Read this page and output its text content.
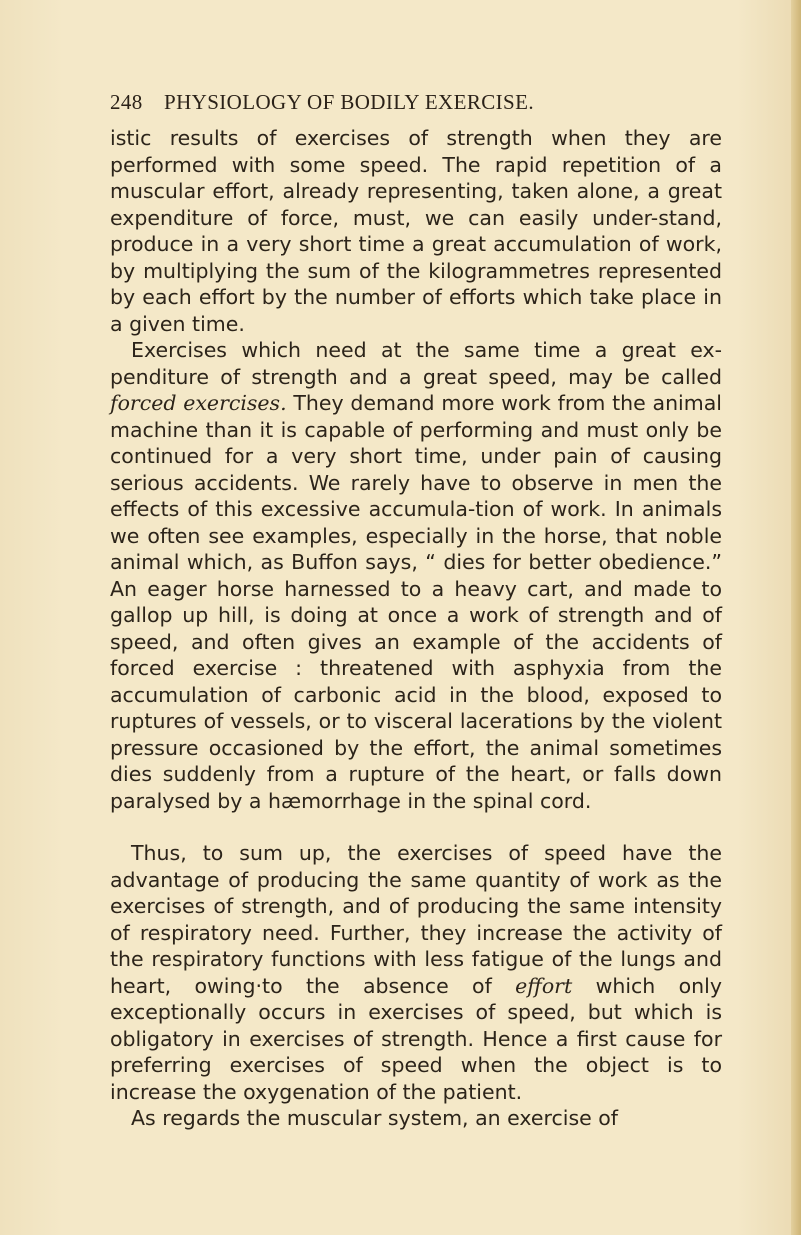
248 PHYSIOLOGY OF BODILY EXERCISE.

istic results of exercises of strength when they are performed with some speed. The rapid repetition of a muscular effort, already representing, taken alone, a great expenditure of force, must, we can easily under-stand, produce in a very short time a great accumulation of work, by multiplying the sum of the kilogrammetres represented by each effort by the number of efforts which take place in a given time.

Exercises which need at the same time a great ex-penditure of strength and a great speed, may be called forced exercises. They demand more work from the animal machine than it is capable of performing and must only be continued for a very short time, under pain of causing serious accidents. We rarely have to observe in men the effects of this excessive accumula-tion of work. In animals we often see examples, especially in the horse, that noble animal which, as Buffon says, “ dies for better obedience.” An eager horse harnessed to a heavy cart, and made to gallop up hill, is doing at once a work of strength and of speed, and often gives an example of the accidents of forced exercise : threatened with asphyxia from the accumulation of carbonic acid in the blood, exposed to ruptures of vessels, or to visceral lacerations by the violent pressure occasioned by the effort, the animal sometimes dies suddenly from a rupture of the heart, or falls down paralysed by a hæmorrhage in the spinal cord.

Thus, to sum up, the exercises of speed have the advantage of producing the same quantity of work as the exercises of strength, and of producing the same intensity of respiratory need. Further, they increase the activity of the respiratory functions with less fatigue of the lungs and heart, owing·to the absence of effort which only exceptionally occurs in exercises of speed, but which is obligatory in exercises of strength. Hence a first cause for preferring exercises of speed when the object is to increase the oxygenation of the patient.

As regards the muscular system, an exercise of
